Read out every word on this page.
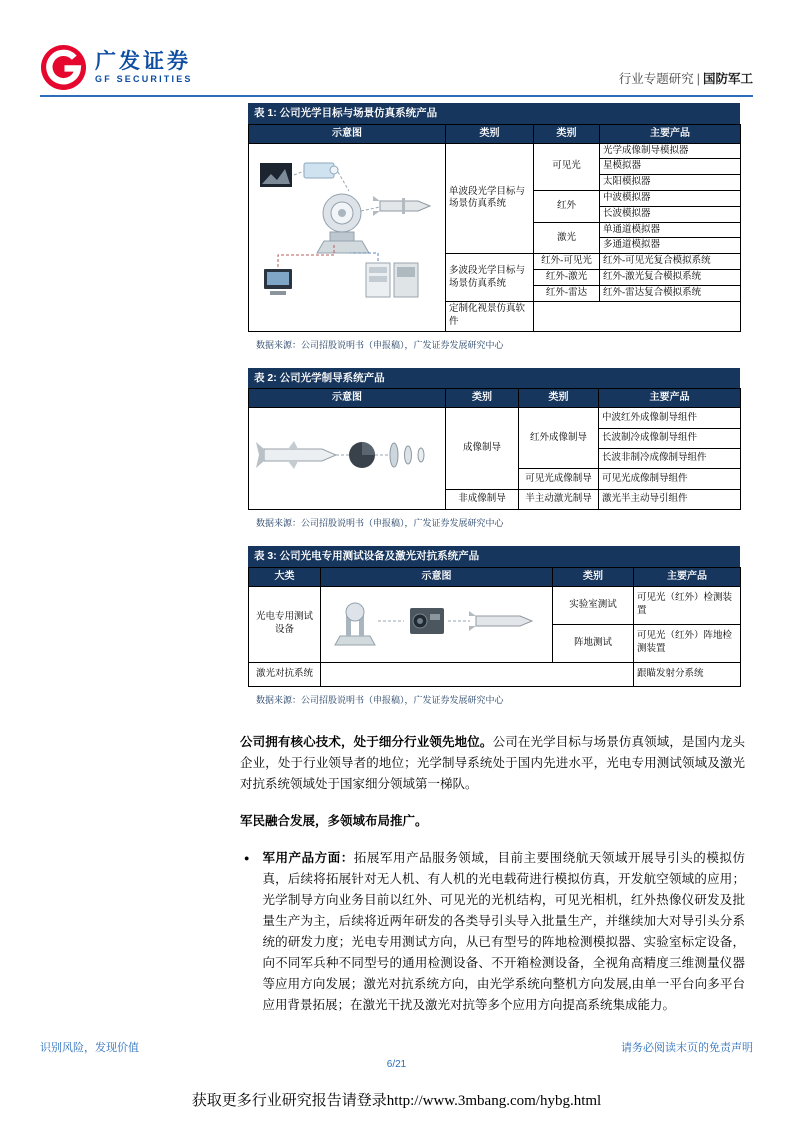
广发证券
GF SECURITIES	行业专题研究 | 国防军工
表 1: 公司光学目标与场景仿真系统产品
示意图	类别	类别	主要产品
	单波段光学目标与场景仿真系统	可见光	光学成像制导模拟器
			星模拟器
			太阳模拟器
		红外	中波模拟器
			长波模拟器
		激光	单通道模拟器
			多通道模拟器
	多波段光学目标与场景仿真系统	红外-可见光	红外-可见光复合模拟系统
		红外-激光	红外-激光复合模拟系统
		红外-雷达	红外-雷达复合模拟系统
	定制化视景仿真软件		
数据来源：公司招股说明书（申报稿），广发证券发展研究中心
表 2: 公司光学制导系统产品
示意图	类别	类别	主要产品
	成像制导	红外成像制导	中波红外成像制导组件
			长波制冷成像制导组件
			长波非制冷成像制导组件
		可见光成像制导	可见光成像制导组件
	非成像制导	半主动激光制导	激光半主动导引组件
数据来源：公司招股说明书（申报稿），广发证券发展研究中心
表 3: 公司光电专用测试设备及激光对抗系统产品
大类	示意图	类别	主要产品
光电专用测试设备		实验室测试	可见光（红外）检测装置
		阵地测试	可见光（红外）阵地检测装置
激光对抗系统			跟瞄发射分系统
数据来源：公司招股说明书（申报稿），广发证券发展研究中心

公司拥有核心技术，处于细分行业领先地位。公司在光学目标与场景仿真领域，是国内龙头企业，处于行业领导者的地位；光学制导系统处于国内先进水平，光电专用测试领域及激光对抗系统领域处于国家细分领域第一梯队。

军民融合发展，多领域布局推广。

● 军用产品方面：拓展军用产品服务领域，目前主要围绕航天领域开展导引头的模拟仿真，后续将拓展针对无人机、有人机的光电载荷进行模拟仿真，开发航空领域的应用；光学制导方向业务目前以红外、可见光的光机结构，可见光相机，红外热像仪研发及批量生产为主，后续将近两年研发的各类导引头导入批量生产，并继续加大对导引头分系统的研发力度；光电专用测试方向，从已有型号的阵地检测模拟器、实验室标定设备，向不同军兵种不同型号的通用检测设备、不开箱检测设备，全视角高精度三维测量仪器等应用方向发展；激光对抗系统方向，由光学系统向整机方向发展,由单一平台向多平台应用背景拓展；在激光干扰及激光对抗等多个应用方向提高系统集成能力。
识别风险，发现价值	请务必阅读末页的免责声明
6/21
获取更多行业研究报告请登录http://www.3mbang.com/hybg.html
